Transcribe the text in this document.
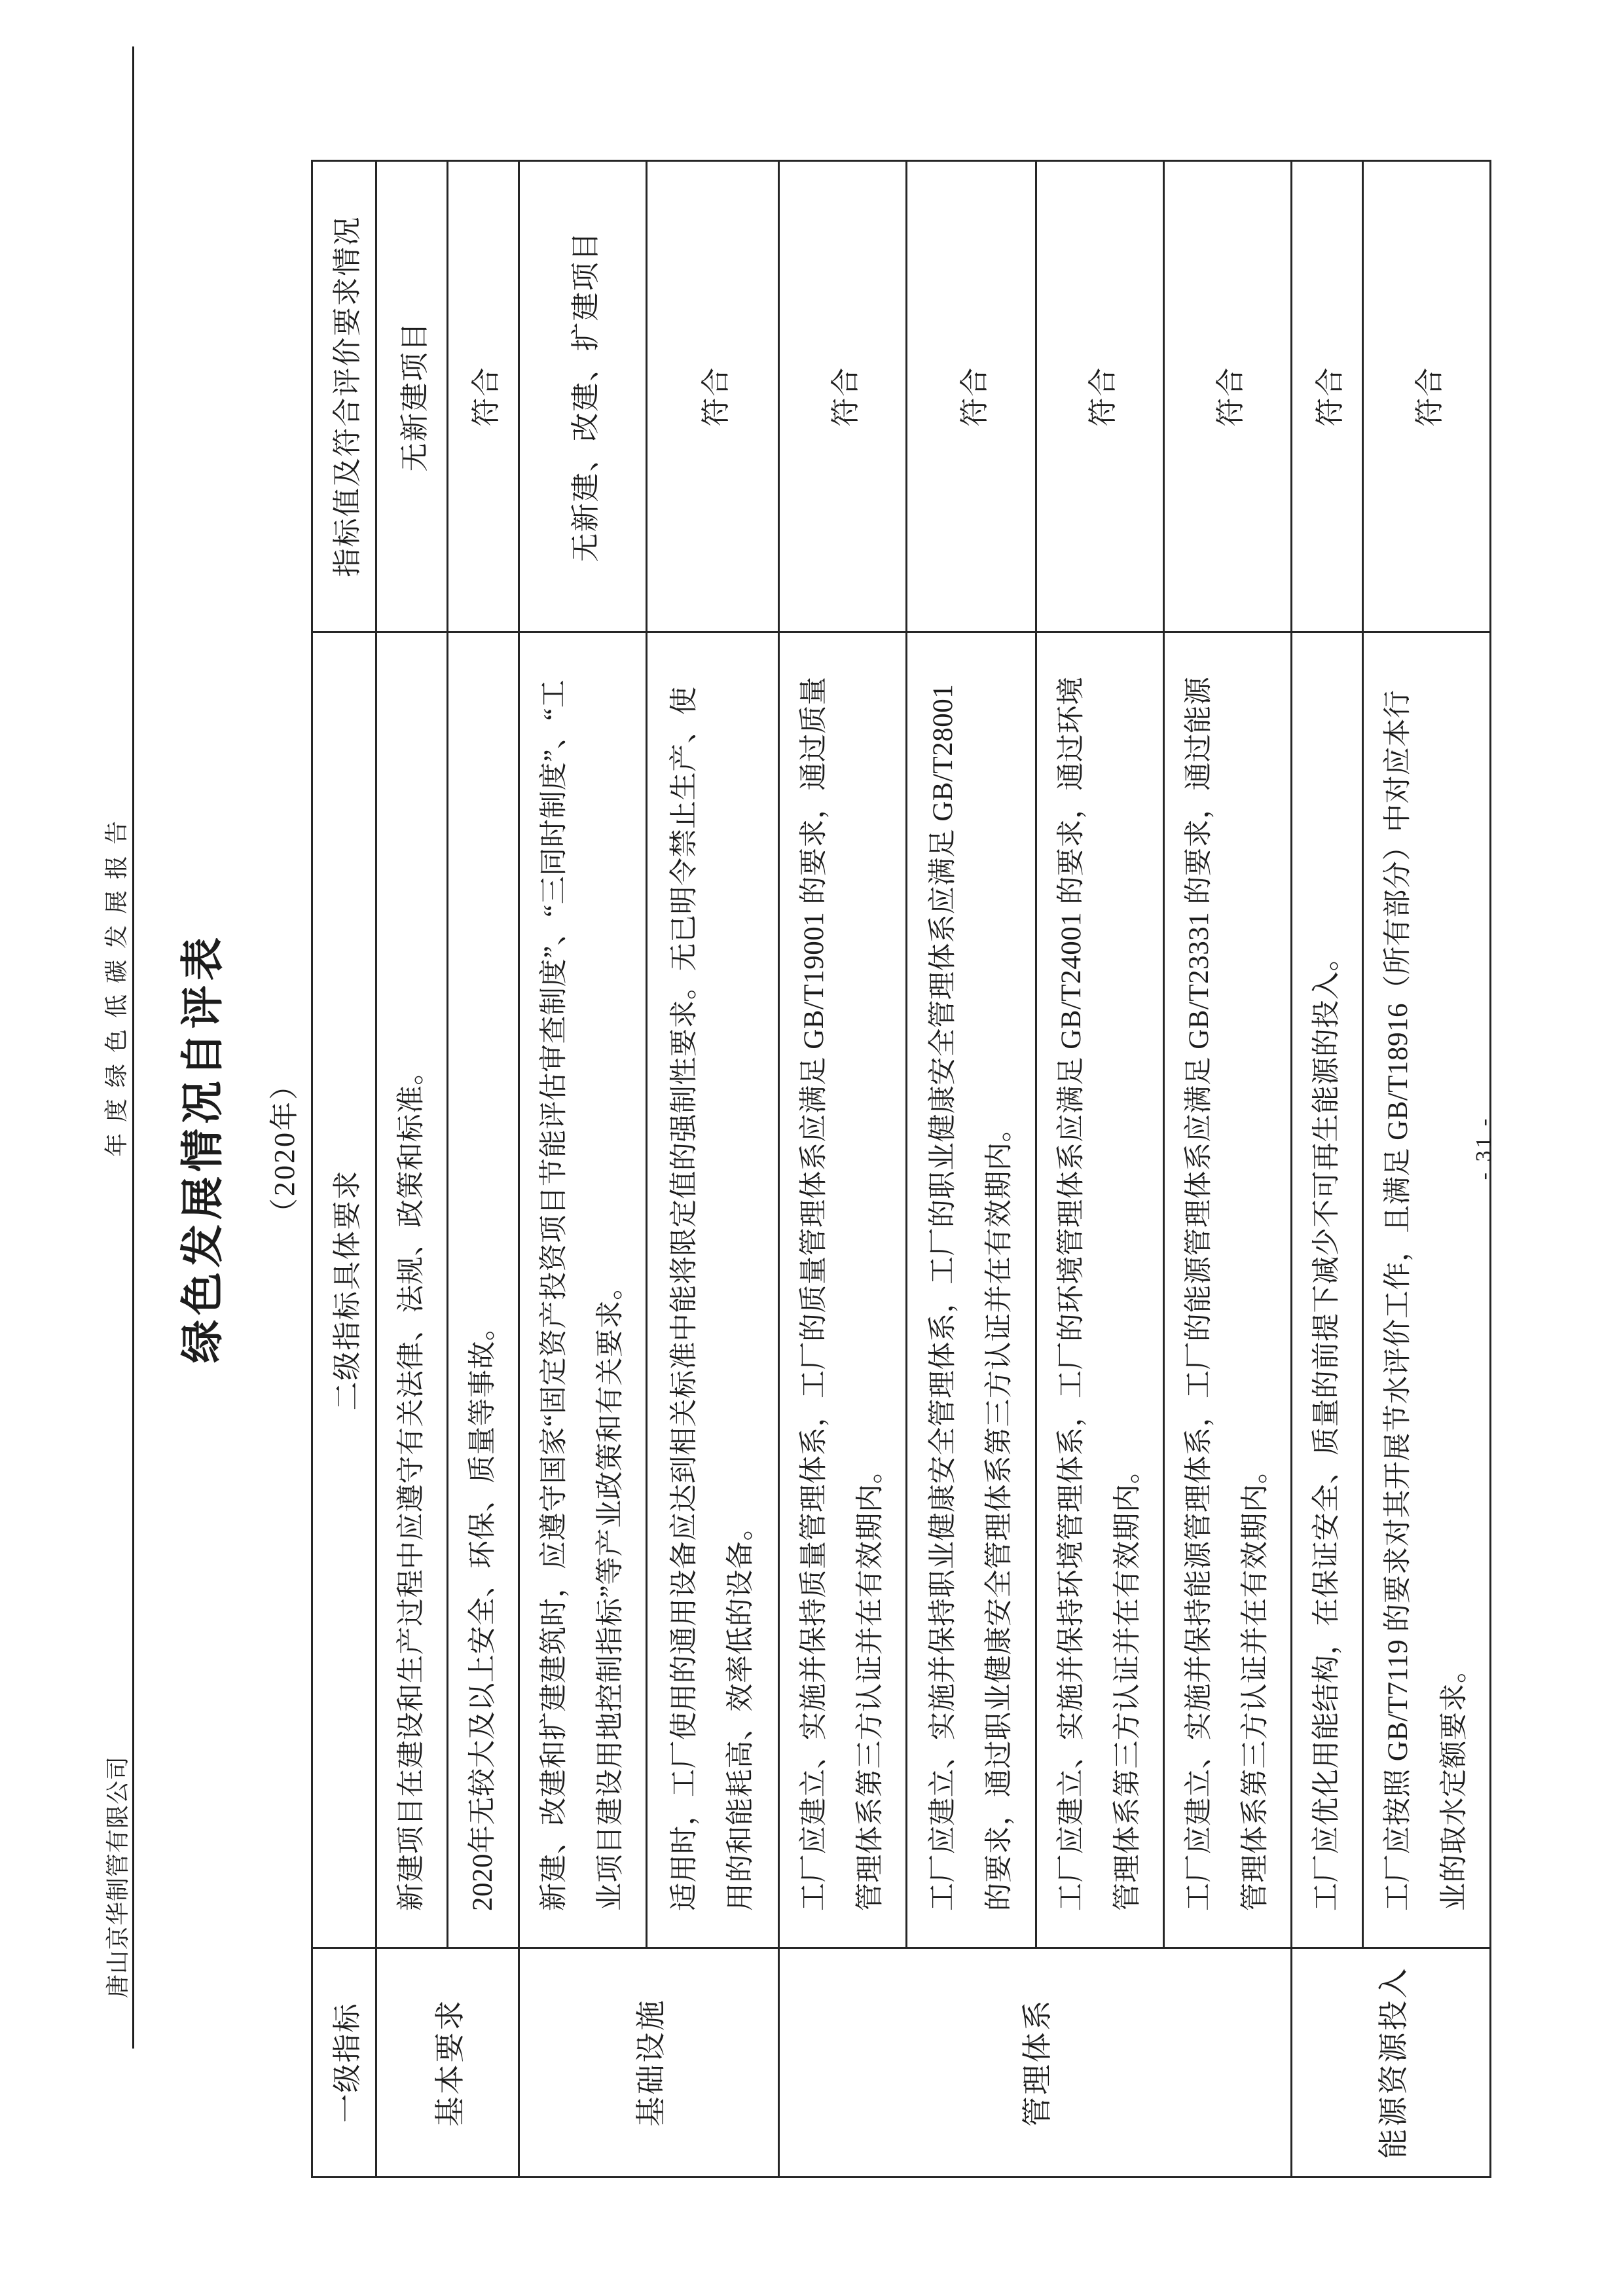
唐山京华制管有限公司
年度绿色低碳发展报告 绿色发展情况自评表 （2020年）
一级指标	二级指标具体要求	指标值及符合评价要求情况
基本要求	新建项目在建设和生产过程中应遵守有关法律、法规、政策和标准。	无新建项目
	2020年无较大及以上安全、环保、质量等事故。	符合
基础设施	新建、改建和扩建建筑时，应遵守国家“固定资产投资项目节能评估审查制度”、“三同时制度”、“工业项目建设用地控制指标”等产业政策和有关要求。	无新建、改建、扩建项目
	适用时，工厂使用的通用设备应达到相关标准中能将限定值的强制性要求。无已明令禁止生产、使用的和能耗高、效率低的设备。	符合
管理体系	工厂应建立、实施并保持质量管理体系，工厂的质量管理体系应满足 GB/T19001 的要求，通过质量管理体系第三方认证并在有效期内。	符合
	工厂应建立、实施并保持职业健康安全管理体系，工厂的职业健康安全管理体系应满足 GB/T28001 的要求，通过职业健康安全管理体系第三方认证并在有效期内。	符合
	工厂应建立、实施并保持环境管理体系，工厂的环境管理体系应满足 GB/T24001 的要求，通过环境管理体系第三方认证并在有效期内。	符合
	工厂应建立、实施并保持能源管理体系，工厂的能源管理体系应满足 GB/T23331 的要求，通过能源管理体系第三方认证并在有效期内。	符合
能源资源投入	工厂应优化用能结构，在保证安全、质量的前提下减少不可再生能源的投入。	符合
	工厂应按照 GB/T7119 的要求对其开展节水评价工作，且满足 GB/T18916（所有部分）中对应本行业的取水定额要求。	符合
- 31 -
